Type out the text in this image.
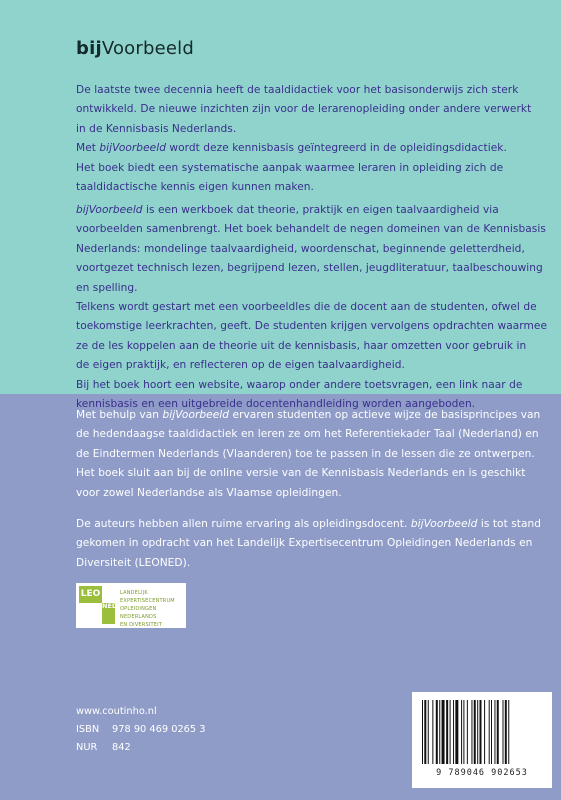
bijVoorbeeld

De laatste twee decennia heeft de taaldidactiek voor het basisonderwijs zich sterk

ontwikkeld. De nieuwe inzichten zijn voor de lerarenopleiding onder andere verwerkt

in de Kennisbasis Nederlands.

Met bijVoorbeeld wordt deze kennisbasis geïntegreerd in de opleidingsdidactiek.

Het boek biedt een systematische aanpak waarmee leraren in opleiding zich de

taaldidactische kennis eigen kunnen maken.

bijVoorbeeld is een werkboek dat theorie, praktijk en eigen taalvaardigheid via

voorbeelden samenbrengt. Het boek behandelt de negen domeinen van de Kennisbasis

Nederlands: mondelinge taalvaardigheid, woordenschat, beginnende geletterdheid,

voortgezet technisch lezen, begrijpend lezen, stellen, jeugdliteratuur, taalbeschouwing

en spelling.

Telkens wordt gestart met een voorbeeldles die de docent aan de studenten, ofwel de

toekomstige leerkrachten, geeft. De studenten krijgen vervolgens opdrachten waarmee

ze de les koppelen aan de theorie uit de kennisbasis, haar omzetten voor gebruik in

de eigen praktijk, en reflecteren op de eigen taalvaardigheid.

Bij het boek hoort een website, waarop onder andere toetsvragen, een link naar de

kennisbasis en een uitgebreide docentenhandleiding worden aangeboden.

Met behulp van bijVoorbeeld ervaren studenten op actieve wijze de basisprincipes van

de hedendaagse taaldidactiek en leren ze om het Referentiekader Taal (Nederland) en

de Eindtermen Nederlands (Vlaanderen) toe te passen in de lessen die ze ontwerpen.

Het boek sluit aan bij de online versie van de Kennisbasis Nederlands en is geschikt

voor zowel Nederlandse als Vlaamse opleidingen.

De auteurs hebben allen ruime ervaring als opleidingsdocent. bijVoorbeeld is tot stand

gekomen in opdracht van het Landelijk Expertisecentrum Opleidingen Nederlands en

Diversiteit (LEONED).

LEO
NED
LANDELIJK EXPERTISECENTRUM
OPLEIDINGEN NEDERLANDS
EN DIVERSITEIT
www.coutinho.nl
ISBN	978 90 469 0265 3
NUR	842
9 789046 902653
